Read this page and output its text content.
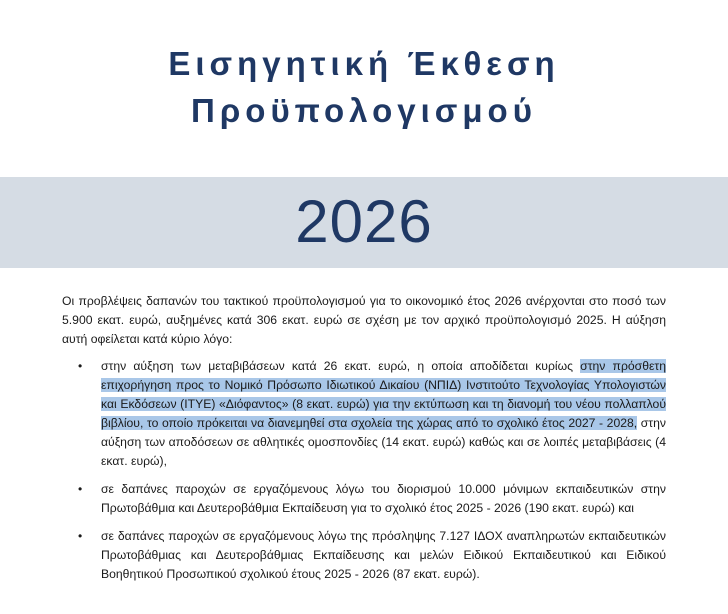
Εισηγητική Έκθεση
Προϋπολογισμού
2026

Οι προβλέψεις δαπανών του τακτικού προϋπολογισμού για το οικονομικό έτος 2026 ανέρχονται στο ποσό των 5.900 εκατ. ευρώ, αυξημένες κατά 306 εκατ. ευρώ σε σχέση με τον αρχικό προϋπολογισμό 2025. Η αύξηση αυτή οφείλεται κατά κύριο λόγο:

• στην αύξηση των μεταβιβάσεων κατά 26 εκατ. ευρώ, η οποία αποδίδεται κυρίως στην πρόσθετη επιχορήγηση προς το Νομικό Πρόσωπο Ιδιωτικού Δικαίου (ΝΠΙΔ) Ινστιτούτο Τεχνολογίας Υπολογιστών και Εκδόσεων (ΙΤΥΕ) «Διόφαντος» (8 εκατ. ευρώ) για την εκτύπωση και τη διανομή του νέου πολλαπλού βιβλίου, το οποίο πρόκειται να διανεμηθεί στα σχολεία της χώρας από το σχολικό έτος 2027 - 2028, στην αύξηση των αποδόσεων σε αθλητικές ομοσπονδίες (14 εκατ. ευρώ) καθώς και σε λοιπές μεταβιβάσεις (4 εκατ. ευρώ),
• σε δαπάνες παροχών σε εργαζόμενους λόγω του διορισμού 10.000 μόνιμων εκπαιδευτικών στην Πρωτοβάθμια και Δευτεροβάθμια Εκπαίδευση για το σχολικό έτος 2025 - 2026 (190 εκατ. ευρώ) και
• σε δαπάνες παροχών σε εργαζόμενους λόγω της πρόσληψης 7.127 ΙΔΟΧ αναπληρωτών εκπαιδευτικών Πρωτοβάθμιας και Δευτεροβάθμιας Εκπαίδευσης και μελών Ειδικού Εκπαιδευτικού και Ειδικού Βοηθητικού Προσωπικού σχολικού έτους 2025 - 2026 (87 εκατ. ευρώ).
